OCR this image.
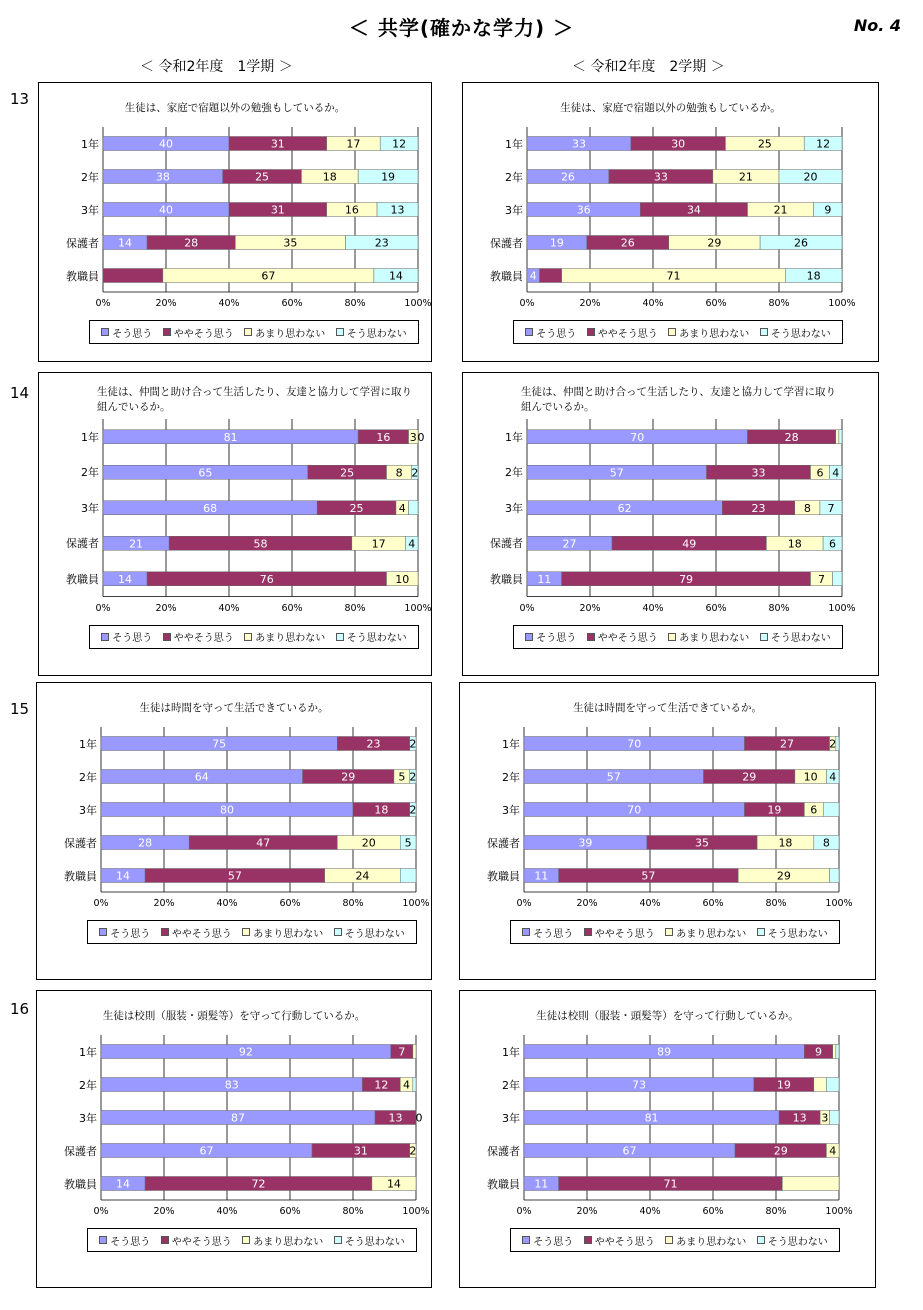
＜ 共学(確かな学力) ＞	No. 4
＜ 令和2年度　1学期 ＞	＜ 令和2年度　2学期 ＞
生徒は、家庭で宿題以外の勉強もしているか。
40	31	17	12
38	25	18	19
40	31	16	13
14	28	35	23
67	14
1年
2年
3年
保護者
教職員
0%	20%	40%	60%	80%	100%
そう思う ややそう思う あまり思わない そう思わない
生徒は、家庭で宿題以外の勉強もしているか。
33	30	25	12
26	33	21	20
36	34	21	9
19	26	29	26
4	71	18
1年
2年
3年
保護者
教職員
0%	20%	40%	60%	80%	100%
そう思う ややそう思う あまり思わない そう思わない
生徒は、仲間と助け合って生活したり、友達と協力して学習に取り組んでいるか。
81	16 3 0
65	25	8 2
68	25	4
21	58	17 4
14	76	10
1年
2年
3年
保護者
教職員
0%	20%	40%	60%	80%	100%
そう思う ややそう思う あまり思わない そう思わない
生徒は、仲間と助け合って生活したり、友達と協力して学習に取り組んでいるか。
70	28
57	33	6 4
62	23	8 7
27	49	18 6
11	79	7
1年
2年
3年
保護者
教職員
0%	20%	40%	60%	80%	100%
そう思う ややそう思う あまり思わない そう思わない
生徒は時間を守って生活できているか。
75	23	2
64	29	5 2
80	18 2
28	47	20	5
14	57	24
1年
2年
3年
保護者
教職員
0%	20%	40%	60%	80%	100%
そう思う ややそう思う あまり思わない そう思わない
生徒は時間を守って生活できているか。
70	27	2
57	29	10 4
70	19	6
39	35	18	8
11	57	29
1年
2年
3年
保護者
教職員
0%	20%	40%	60%	80%	100%
そう思う ややそう思う あまり思わない そう思わない
生徒は校則（服装・頭髪等）を守って行動しているか。
92	7
83	12 4
87	13 0
67	31	2
14	72	14
1年
2年
3年
保護者
教職員
0%	20%	40%	60%	80%	100%
そう思う ややそう思う あまり思わない そう思わない
生徒は校則（服装・頭髪等）を守って行動しているか。
89	9
73	19
81	13 3
67	29	4
11	71
1年
2年
3年
保護者
教職員
0%	20%	40%	60%	80%	100%
そう思う ややそう思う あまり思わない そう思わない
13
14
15
16
